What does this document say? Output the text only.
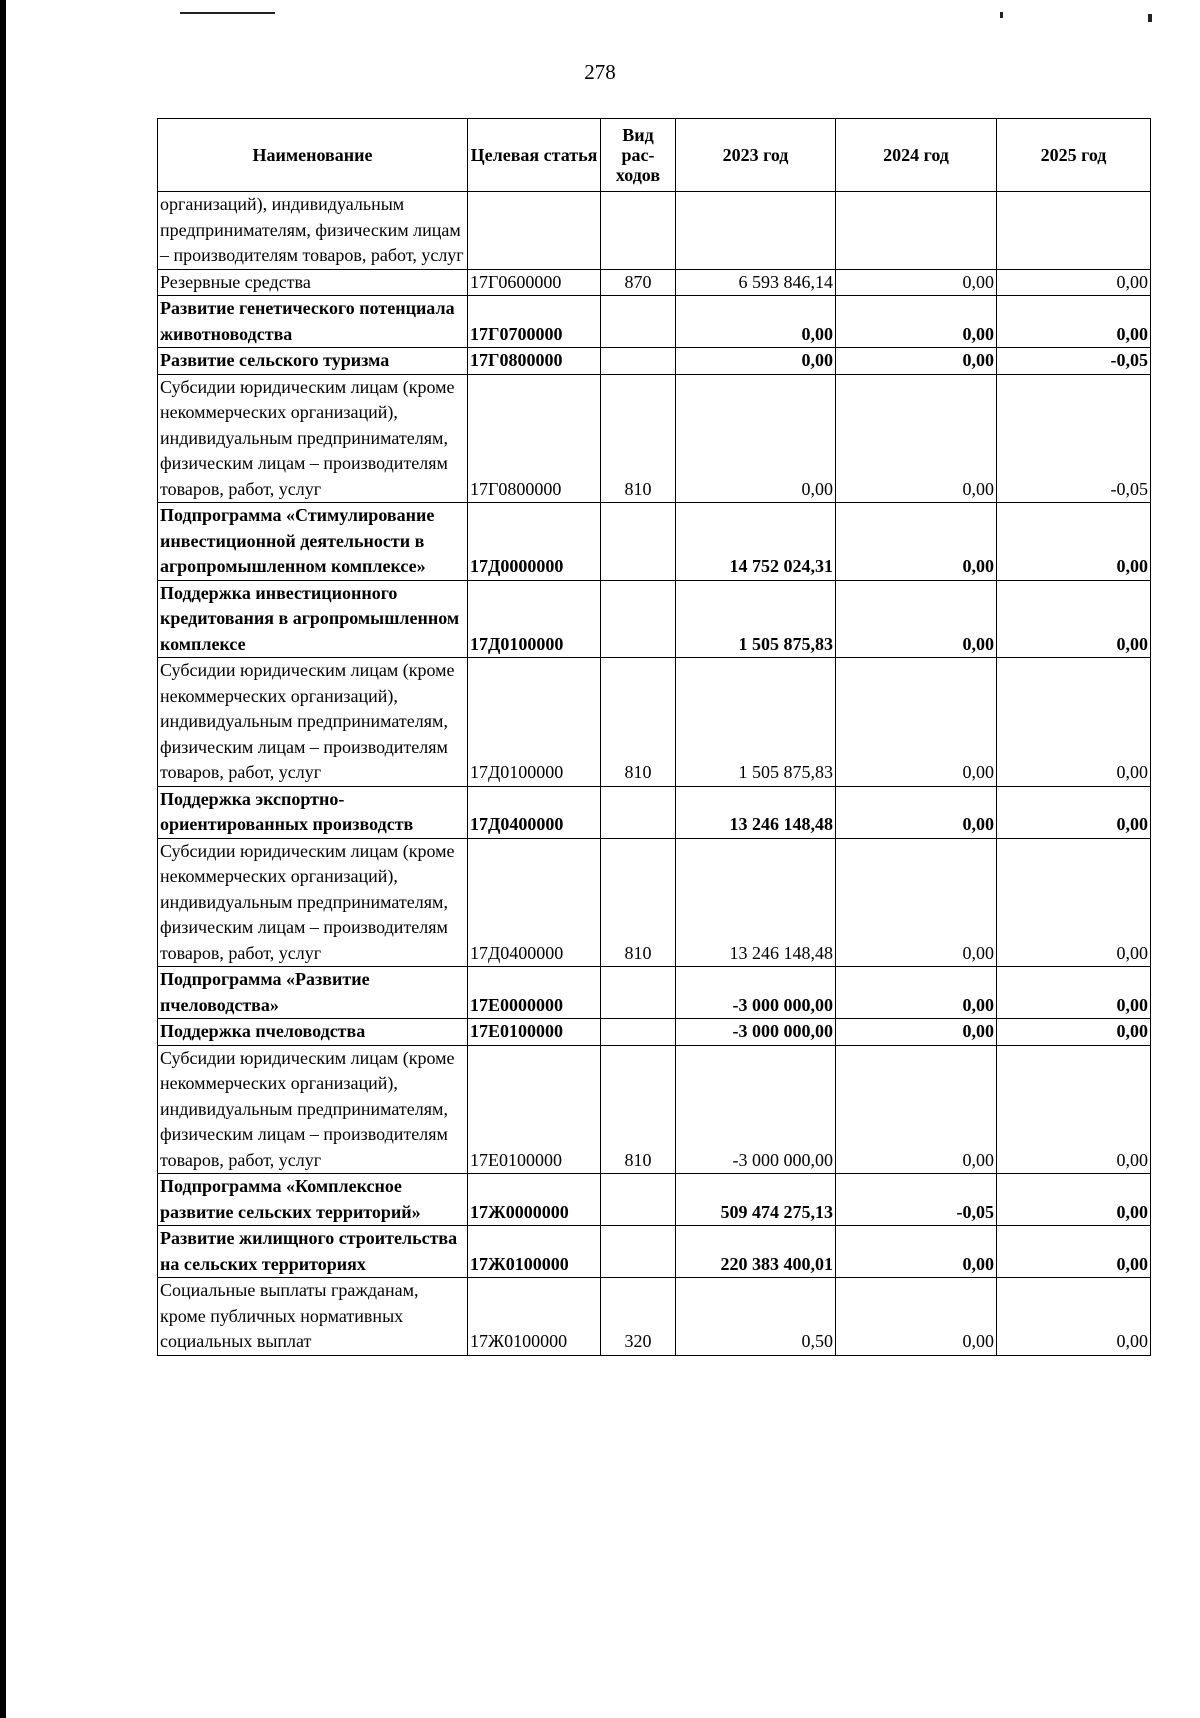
278
Наименование	Целевая статья	Вид
рас-
ходов	2023 год	2024 год	2025 год
организаций), индивидуальным предпринимателям, физическим лицам – производителям товаров, работ, услуг					
Резервные средства	17Г0600000	870	6 593 846,14	0,00	0,00
Развитие генетического потенциала животноводства	17Г0700000		0,00	0,00	0,00
Развитие сельского туризма	17Г0800000		0,00	0,00	-0,05
Субсидии юридическим лицам (кроме некоммерческих организаций), индивидуальным предпринимателям, физическим лицам – производителям товаров, работ, услуг	17Г0800000	810	0,00	0,00	-0,05
Подпрограмма «Стимулирование инвестиционной деятельности в агропромышленном комплексе»	17Д0000000		14 752 024,31	0,00	0,00
Поддержка инвестиционного кредитования в агропромышленном комплексе	17Д0100000		1 505 875,83	0,00	0,00
Субсидии юридическим лицам (кроме некоммерческих организаций), индивидуальным предпринимателям, физическим лицам – производителям товаров, работ, услуг	17Д0100000	810	1 505 875,83	0,00	0,00
Поддержка экспортно-ориентированных производств	17Д0400000		13 246 148,48	0,00	0,00
Субсидии юридическим лицам (кроме некоммерческих организаций), индивидуальным предпринимателям, физическим лицам – производителям товаров, работ, услуг	17Д0400000	810	13 246 148,48	0,00	0,00
Подпрограмма «Развитие пчеловодства»	17Е0000000		-3 000 000,00	0,00	0,00
Поддержка пчеловодства	17Е0100000		-3 000 000,00	0,00	0,00
Субсидии юридическим лицам (кроме некоммерческих организаций), индивидуальным предпринимателям, физическим лицам – производителям товаров, работ, услуг	17Е0100000	810	-3 000 000,00	0,00	0,00
Подпрограмма «Комплексное развитие сельских территорий»	17Ж0000000		509 474 275,13	-0,05	0,00
Развитие жилищного строительства на сельских территориях	17Ж0100000		220 383 400,01	0,00	0,00
Социальные выплаты гражданам, кроме публичных нормативных социальных выплат	17Ж0100000	320	0,50	0,00	0,00
